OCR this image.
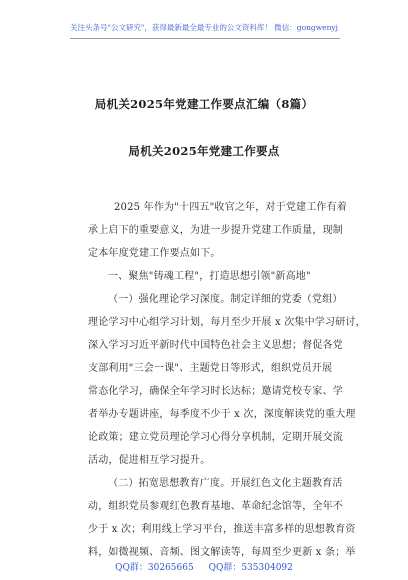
关注头条号"公文研究"，获得最新最全最专业的公文资料库！ 微信：gongwenyj
局机关2025年党建工作要点汇编（8篇）
局机关2025年党建工作要点
2025 年作为"十四五"收官之年，对于党建工作有着
承上启下的重要意义，为进一步提升党建工作质量，现制
定本年度党建工作要点如下。
一、聚焦"铸魂工程"，打造思想引领"新高地"
（一）强化理论学习深度。制定详细的党委（党组）
理论学习中心组学习计划，每月至少开展 x 次集中学习研讨，
深入学习习近平新时代中国特色社会主义思想；督促各党
支部利用"三会一课"、主题党日等形式，组织党员开展
常态化学习，确保全年学习时长达标；邀请党校专家、学
者举办专题讲座，每季度不少于 x 次，深度解读党的重大理
论政策；建立党员理论学习心得分享机制，定期开展交流
活动，促进相互学习提升。
（二）拓宽思想教育广度。开展红色文化主题教育活
动，组织党员参观红色教育基地、革命纪念馆等，全年不
少于 x 次；利用线上学习平台，推送丰富多样的思想教育资
料，如微视频、音频、图文解读等，每周至少更新 x 条；举
QQ群：30265665 QQ群：535304092
